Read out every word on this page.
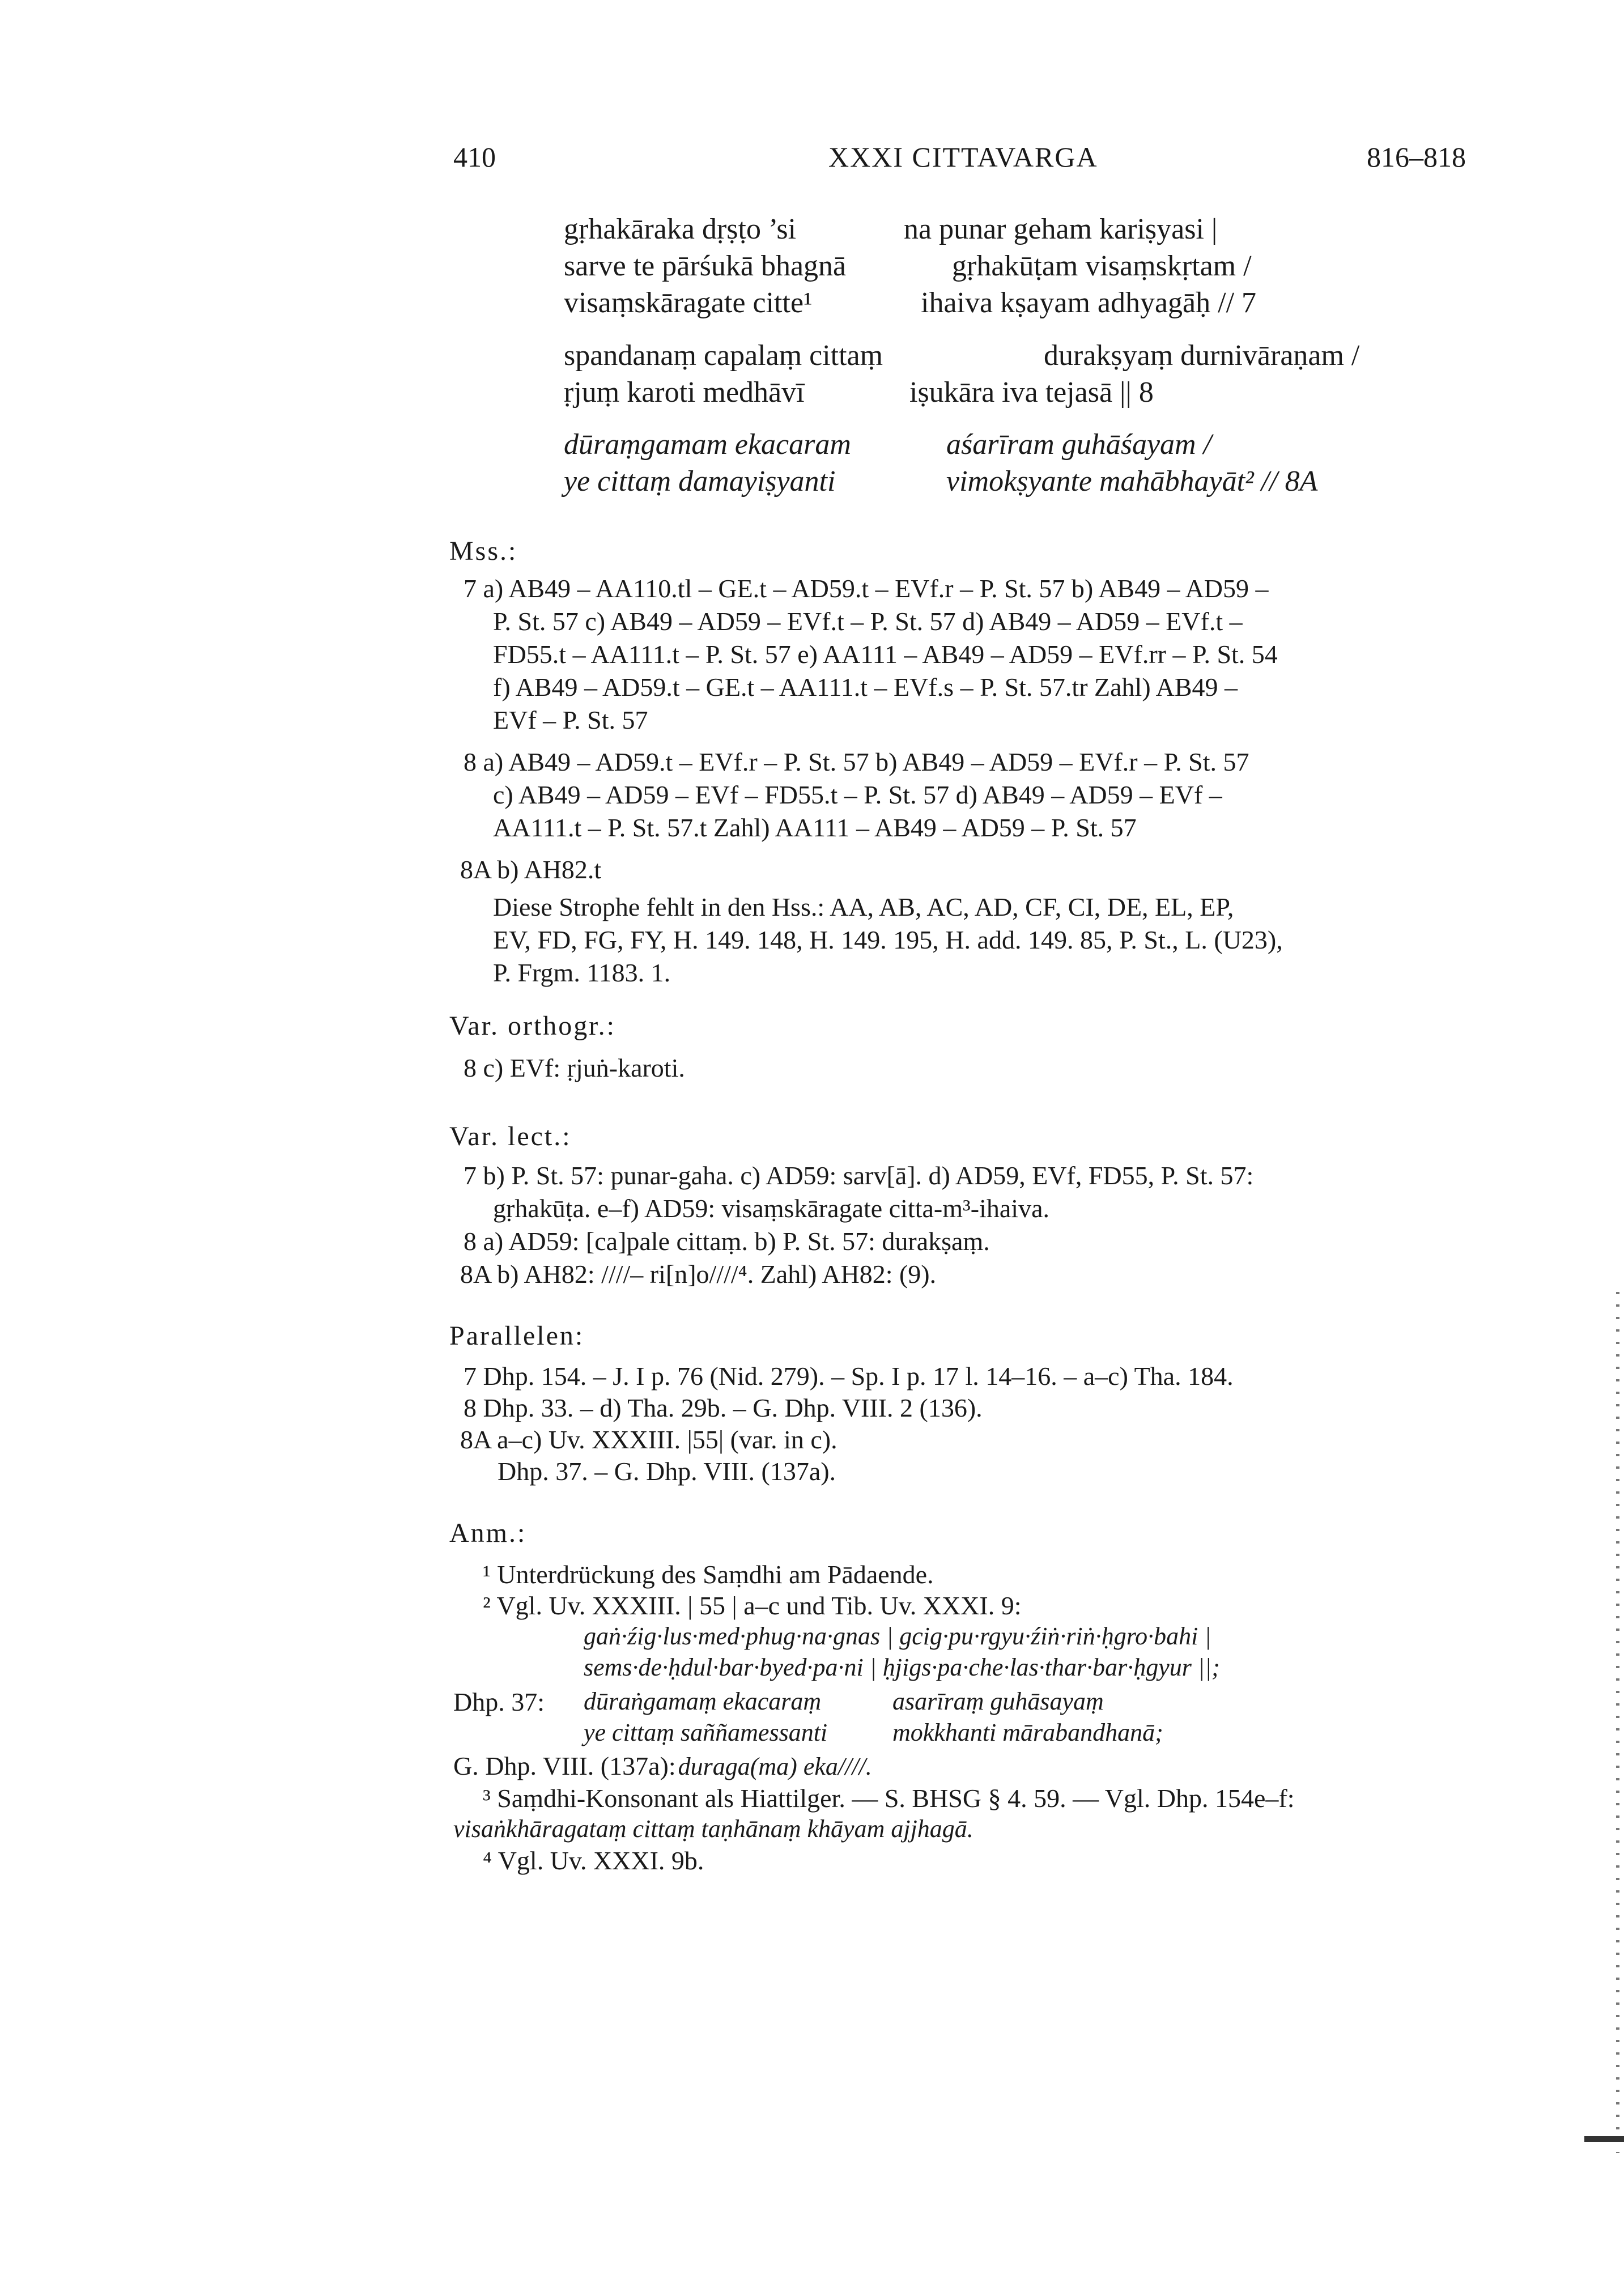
410	XXXI CITTAVARGA	816–818
gṛhakāraka dṛṣṭo ’si	na punar geham kariṣyasi |
sarve te pārśukā bhagnā	gṛhakūṭam visaṃskṛtam /
visaṃskāragate citte¹	ihaiva kṣayam adhyagāḥ // 7
spandanaṃ capalaṃ cittaṃ	durakṣyaṃ durnivāraṇam /
ṛjuṃ karoti medhāvī	iṣukāra iva tejasā || 8
dūraṃgamam ekacaram	aśarīram guhāśayam /
ye cittaṃ damayiṣyanti	vimokṣyante mahābhayāt² // 8A
Mss.:
7 a) AB49 – AA110.tl – GE.t – AD59.t – EVf.r – P. St. 57 b) AB49 – AD59 –
P. St. 57 c) AB49 – AD59 – EVf.t – P. St. 57 d) AB49 – AD59 – EVf.t –
FD55.t – AA111.t – P. St. 57 e) AA111 – AB49 – AD59 – EVf.rr – P. St. 54
f) AB49 – AD59.t – GE.t – AA111.t – EVf.s – P. St. 57.tr Zahl) AB49 –
EVf – P. St. 57
8 a) AB49 – AD59.t – EVf.r – P. St. 57 b) AB49 – AD59 – EVf.r – P. St. 57
c) AB49 – AD59 – EVf – FD55.t – P. St. 57 d) AB49 – AD59 – EVf –
AA111.t – P. St. 57.t Zahl) AA111 – AB49 – AD59 – P. St. 57
8A b) AH82.t
Diese Strophe fehlt in den Hss.: AA, AB, AC, AD, CF, CI, DE, EL, EP,
EV, FD, FG, FY, H. 149. 148, H. 149. 195, H. add. 149. 85, P. St., L. (U23),
P. Frgm. 1183. 1.
Var. orthogr.:
8 c) EVf: ṛjuṅ-karoti.
Var. lect.:
7 b) P. St. 57: punar-gaha. c) AD59: sarv[ā]. d) AD59, EVf, FD55, P. St. 57:
gṛhakūṭa. e–f) AD59: visaṃskāragate citta-m³-ihaiva.
8 a) AD59: [ca]pale cittaṃ. b) P. St. 57: durakṣaṃ.
8A b) AH82: ////– ri[n]o////⁴. Zahl) AH82: (9).
Parallelen:
7 Dhp. 154. – J. I p. 76 (Nid. 279). – Sp. I p. 17 l. 14–16. – a–c) Tha. 184.
8 Dhp. 33. – d) Tha. 29b. – G. Dhp. VIII. 2 (136).
8A a–c) Uv. XXXIII. |55| (var. in c).
Dhp. 37. – G. Dhp. VIII. (137a).
Anm.:
¹ Unterdrückung des Saṃdhi am Pādaende.
² Vgl. Uv. XXXIII. | 55 | a–c und Tib. Uv. XXXI. 9:
gaṅ·źig·lus·med·phug·na·gnas | gcig·pu·rgyu·źiṅ·riṅ·ḥgro·bahi |
sems·de·ḥdul·bar·byed·pa·ni | ḥjigs·pa·che·las·thar·bar·ḥgyur ||;
Dhp. 37: dūraṅgamaṃ ekacaraṃ	asarīraṃ guhāsayaṃ
ye cittaṃ saññamessanti	mokkhanti mārabandhanā;
G. Dhp. VIII. (137a): duraga(ma) eka////.
³ Saṃdhi-Konsonant als Hiattilger. — S. BHSG § 4. 59. — Vgl. Dhp. 154e–f:
visaṅkhāragataṃ cittaṃ taṇhānaṃ khāyam ajjhagā.
⁴ Vgl. Uv. XXXI. 9b.
